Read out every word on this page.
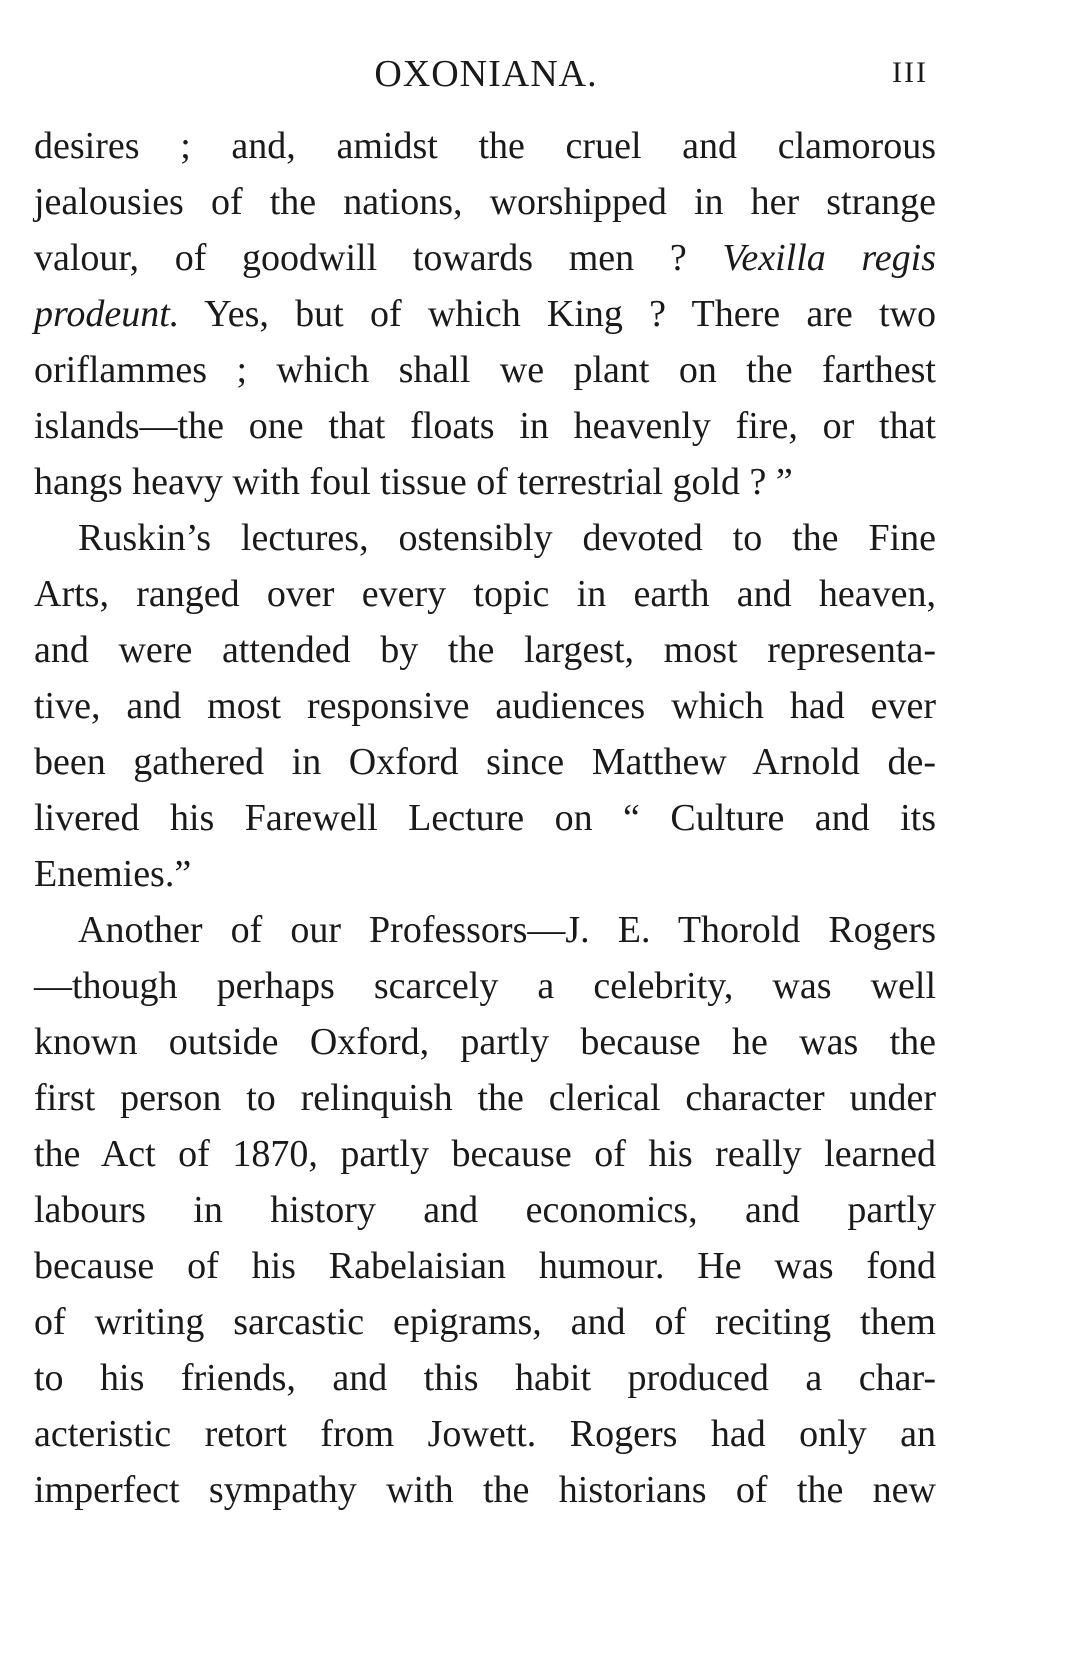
OXONIANA.	III
desires ; and, amidst the cruel and clamorous
jealousies of the nations, worshipped in her strange
valour, of goodwill towards men ? Vexilla regis
prodeunt. Yes, but of which King ? There are two
oriflammes ; which shall we plant on the farthest
islands—the one that floats in heavenly fire, or that
hangs heavy with foul tissue of terrestrial gold ? ”
Ruskin’s lectures, ostensibly devoted to the Fine
Arts, ranged over every topic in earth and heaven,
and were attended by the largest, most representa-
tive, and most responsive audiences which had ever
been gathered in Oxford since Matthew Arnold de-
livered his Farewell Lecture on “ Culture and its
Enemies.”
Another of our Professors—J. E. Thorold Rogers
—though perhaps scarcely a celebrity, was well
known outside Oxford, partly because he was the
first person to relinquish the clerical character under
the Act of 1870, partly because of his really learned
labours in history and economics, and partly
because of his Rabelaisian humour. He was fond
of writing sarcastic epigrams, and of reciting them
to his friends, and this habit produced a char-
acteristic retort from Jowett. Rogers had only an
imperfect sympathy with the historians of the new
